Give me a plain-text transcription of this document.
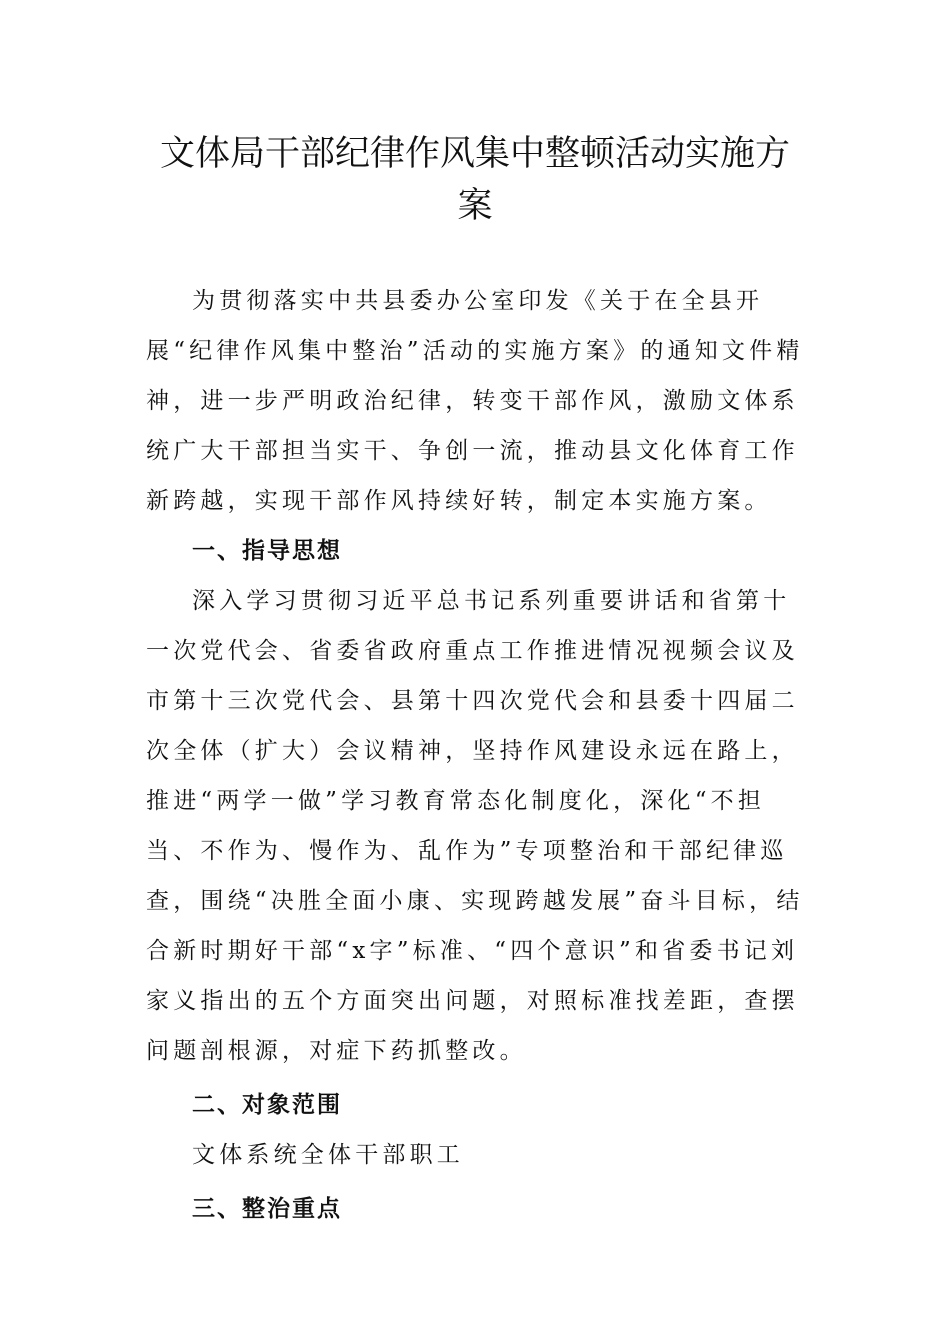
文体局干部纪律作风集中整顿活动实施方
案

为贯彻落实中共县委办公室印发《关于在全县开展“纪律作风集中整治”活动的实施方案》的通知文件精神，进一步严明政治纪律，转变干部作风，激励文体系统广大干部担当实干、争创一流，推动县文化体育工作新跨越，实现干部作风持续好转，制定本实施方案。

一、指导思想

深入学习贯彻习近平总书记系列重要讲话和省第十一次党代会、省委省政府重点工作推进情况视频会议及市第十三次党代会、县第十四次党代会和县委十四届二次全体（扩大）会议精神，坚持作风建设永远在路上，推进“两学一做”学习教育常态化制度化，深化“不担当、不作为、慢作为、乱作为”专项整治和干部纪律巡查，围绕“决胜全面小康、实现跨越发展”奋斗目标，结合新时期好干部“x字”标准、“四个意识”和省委书记刘家义指出的五个方面突出问题，对照标准找差距，查摆问题剖根源，对症下药抓整改。

二、对象范围

文体系统全体干部职工

三、整治重点
